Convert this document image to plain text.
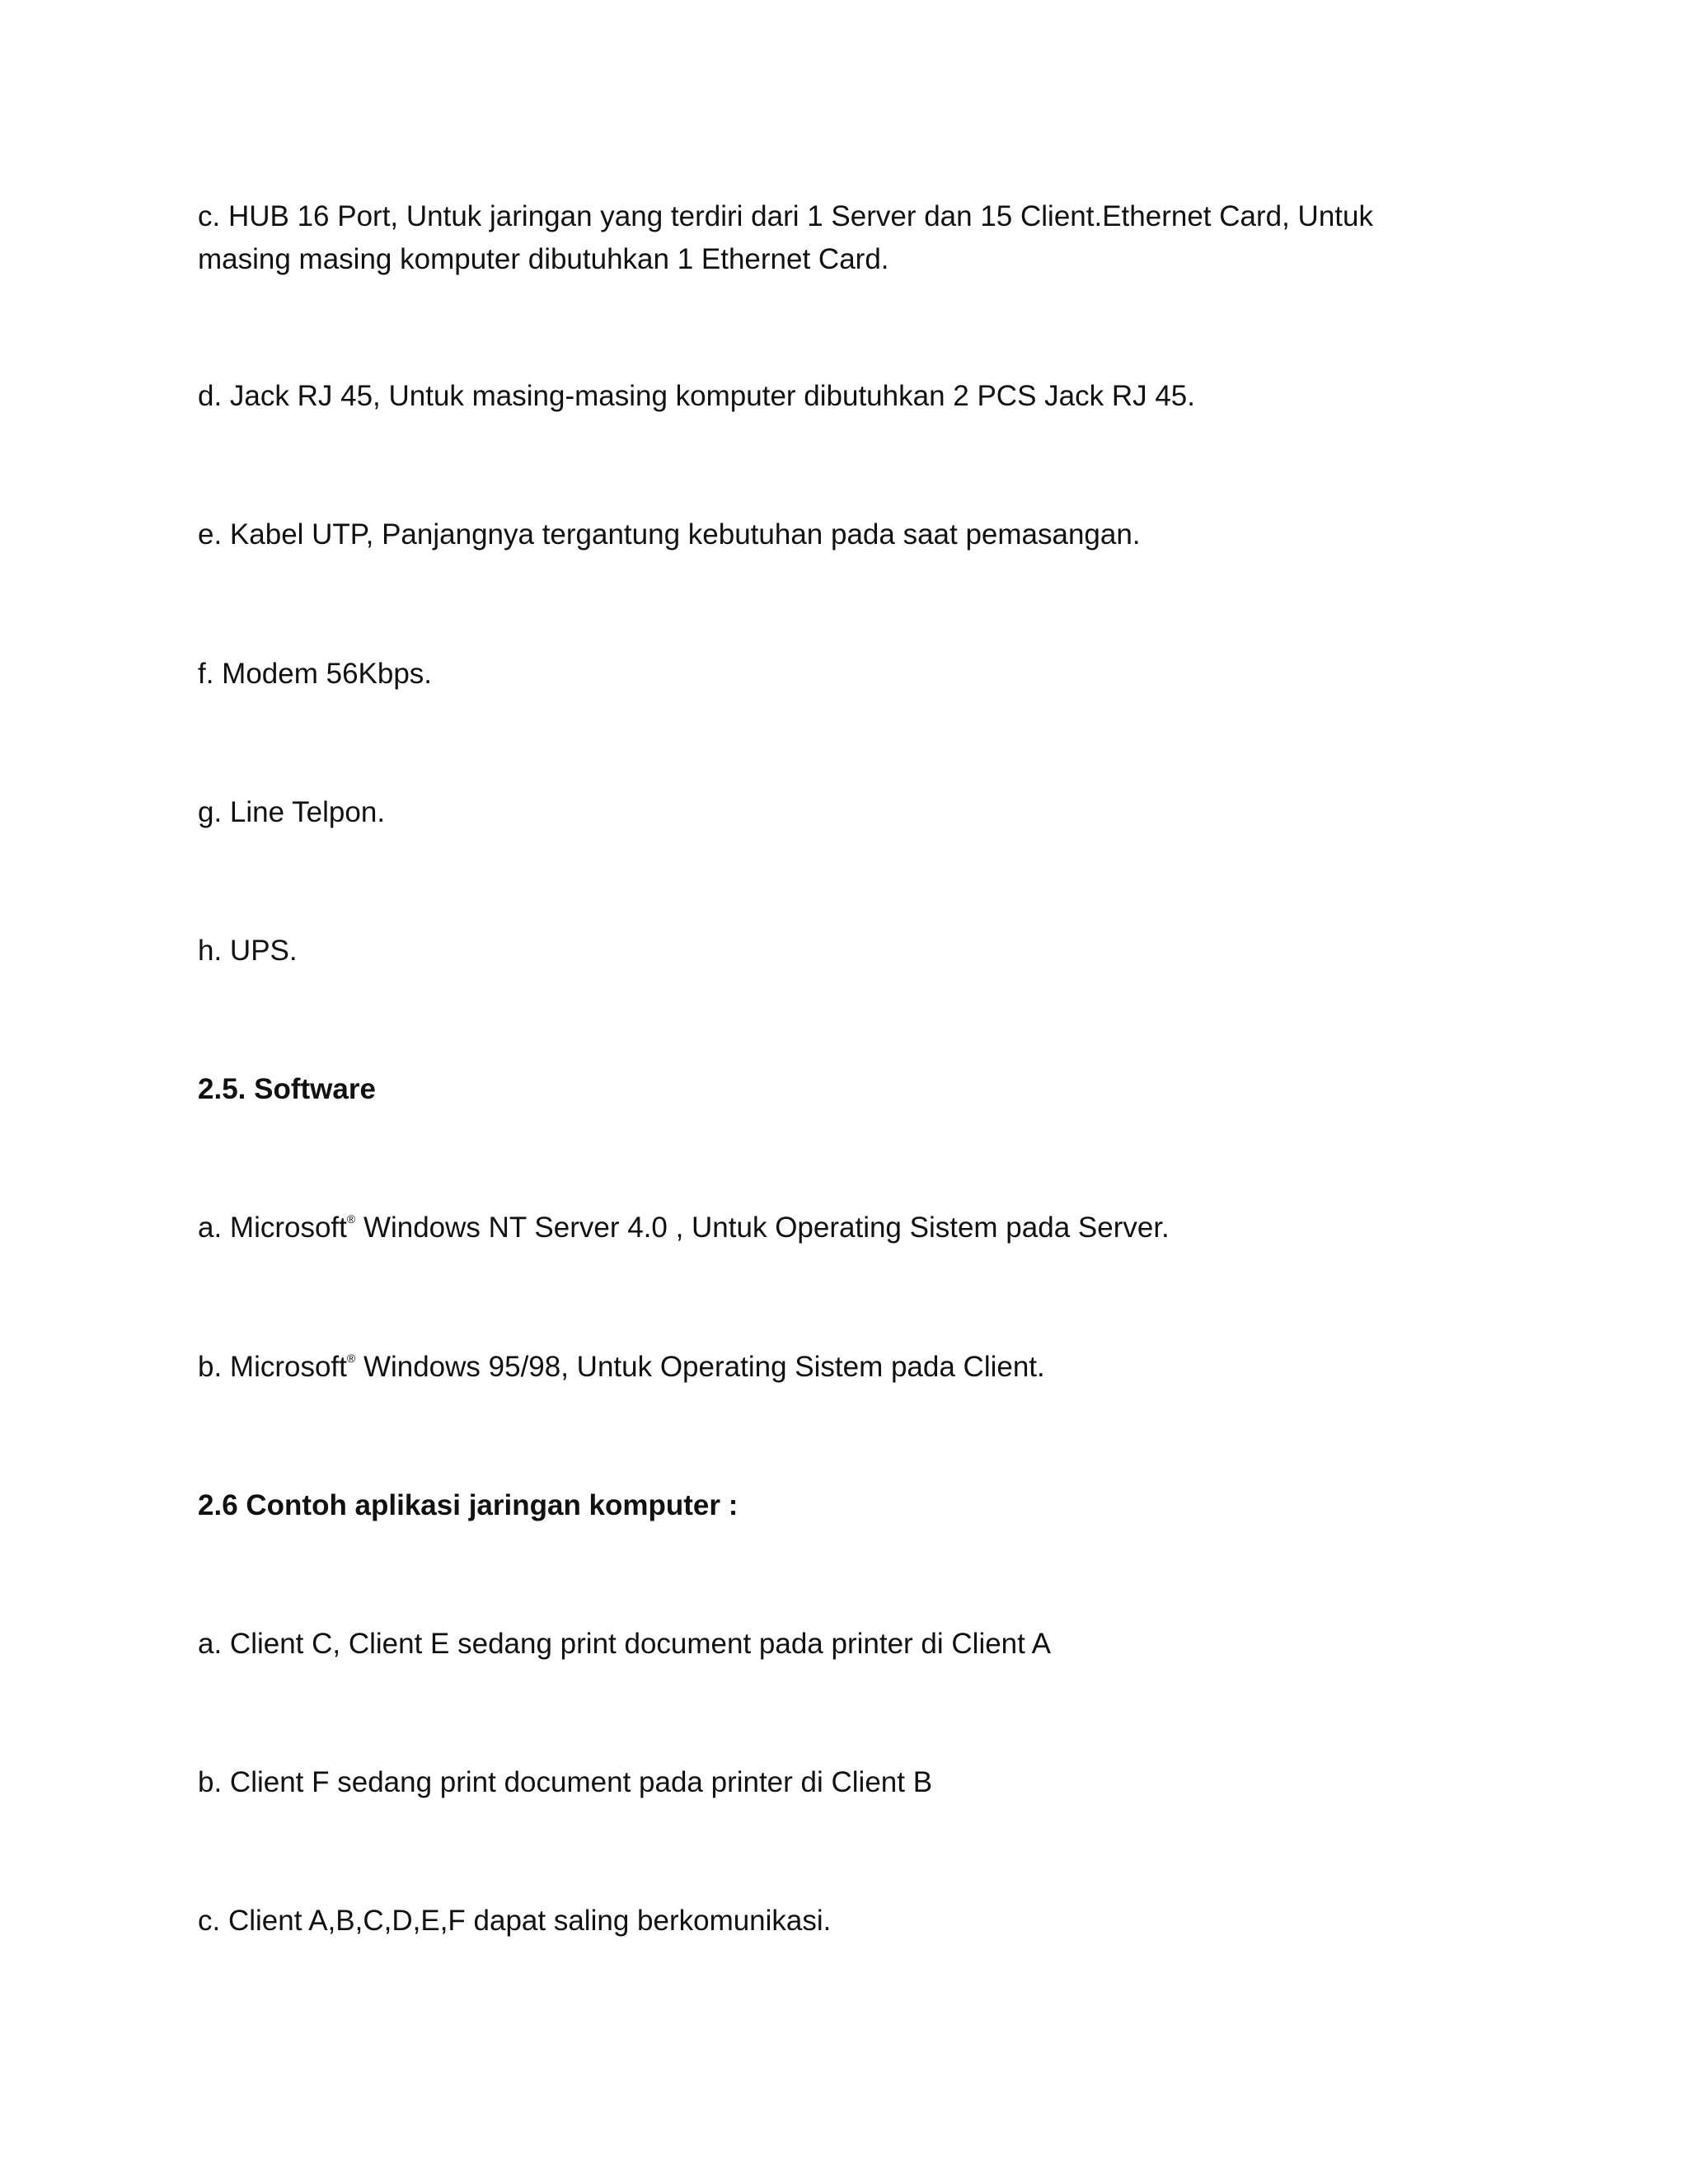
c. HUB 16 Port, Untuk jaringan yang terdiri dari 1 Server dan 15 Client.Ethernet Card, Untuk masing masing komputer dibutuhkan 1 Ethernet Card.

d. Jack RJ 45, Untuk masing-masing komputer dibutuhkan 2 PCS Jack RJ 45.

e. Kabel UTP, Panjangnya tergantung kebutuhan pada saat pemasangan.

f. Modem 56Kbps.

g. Line Telpon.

h. UPS.

2.5. Software

a. Microsoft® Windows NT Server 4.0 , Untuk Operating Sistem pada Server.

b. Microsoft® Windows 95/98, Untuk Operating Sistem pada Client.

2.6 Contoh aplikasi jaringan komputer :

a. Client C, Client E sedang print document pada printer di Client A

b. Client F sedang print document pada printer di Client B

c. Client A,B,C,D,E,F dapat saling berkomunikasi.
